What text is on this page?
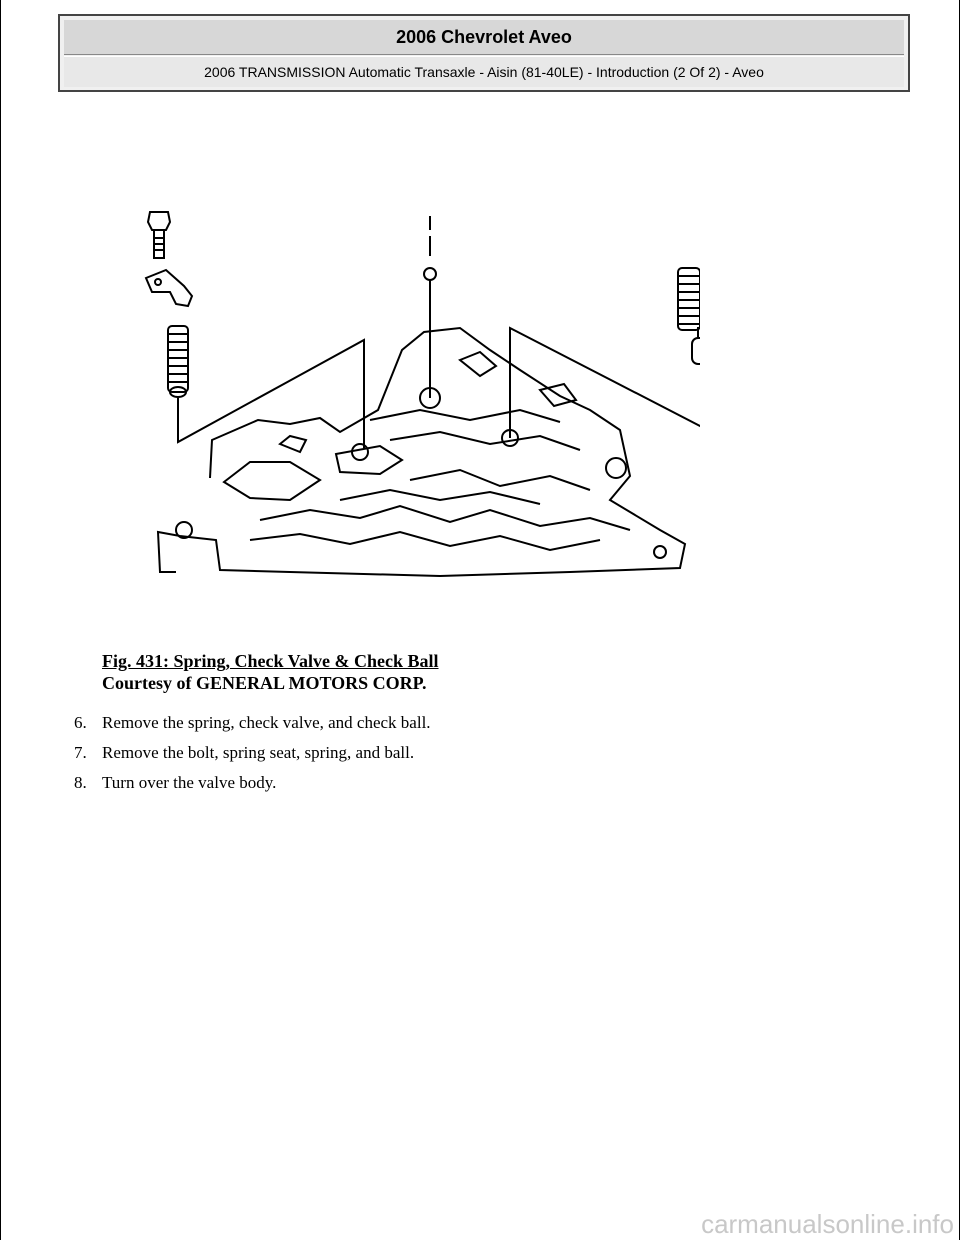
2006 Chevrolet Aveo
2006 TRANSMISSION Automatic Transaxle - Aisin (81-40LE) - Introduction (2 Of 2) - Aveo
Fig. 431: Spring, Check Valve & Check Ball
Courtesy of GENERAL MOTORS CORP.
6. Remove the spring, check valve, and check ball.
7. Remove the bolt, spring seat, spring, and ball.
8. Turn over the valve body.
carmanualsonline.info
